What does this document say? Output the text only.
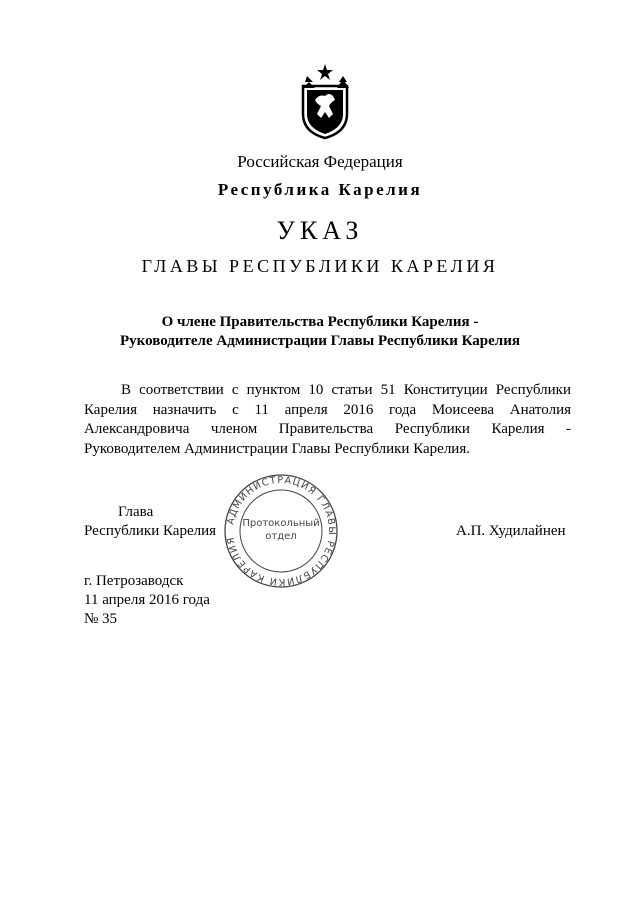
Российская Федерация
Республика Карелия
УКАЗ
ГЛАВЫ РЕСПУБЛИКИ КАРЕЛИЯ
О члене Правительства Республики Карелия -
Руководителе Администрации Главы Республики Карелия

В соответствии с пунктом 10 статьи 51 Конституции Республики Карелия назначить с 11 апреля 2016 года Моисеева Анатолия Александровича членом Правительства Республики Карелия - Руководителем Администрации Главы Республики Карелия.

Глава
Республики Карелия	А.П. Худилайнен
АДМИНИСТРАЦИЯ ГЛАВЫ РЕСПУБЛИКИ КАРЕЛИЯ
Протокольный
отдел
г. Петрозаводск
11 апреля 2016 года
№ 35
